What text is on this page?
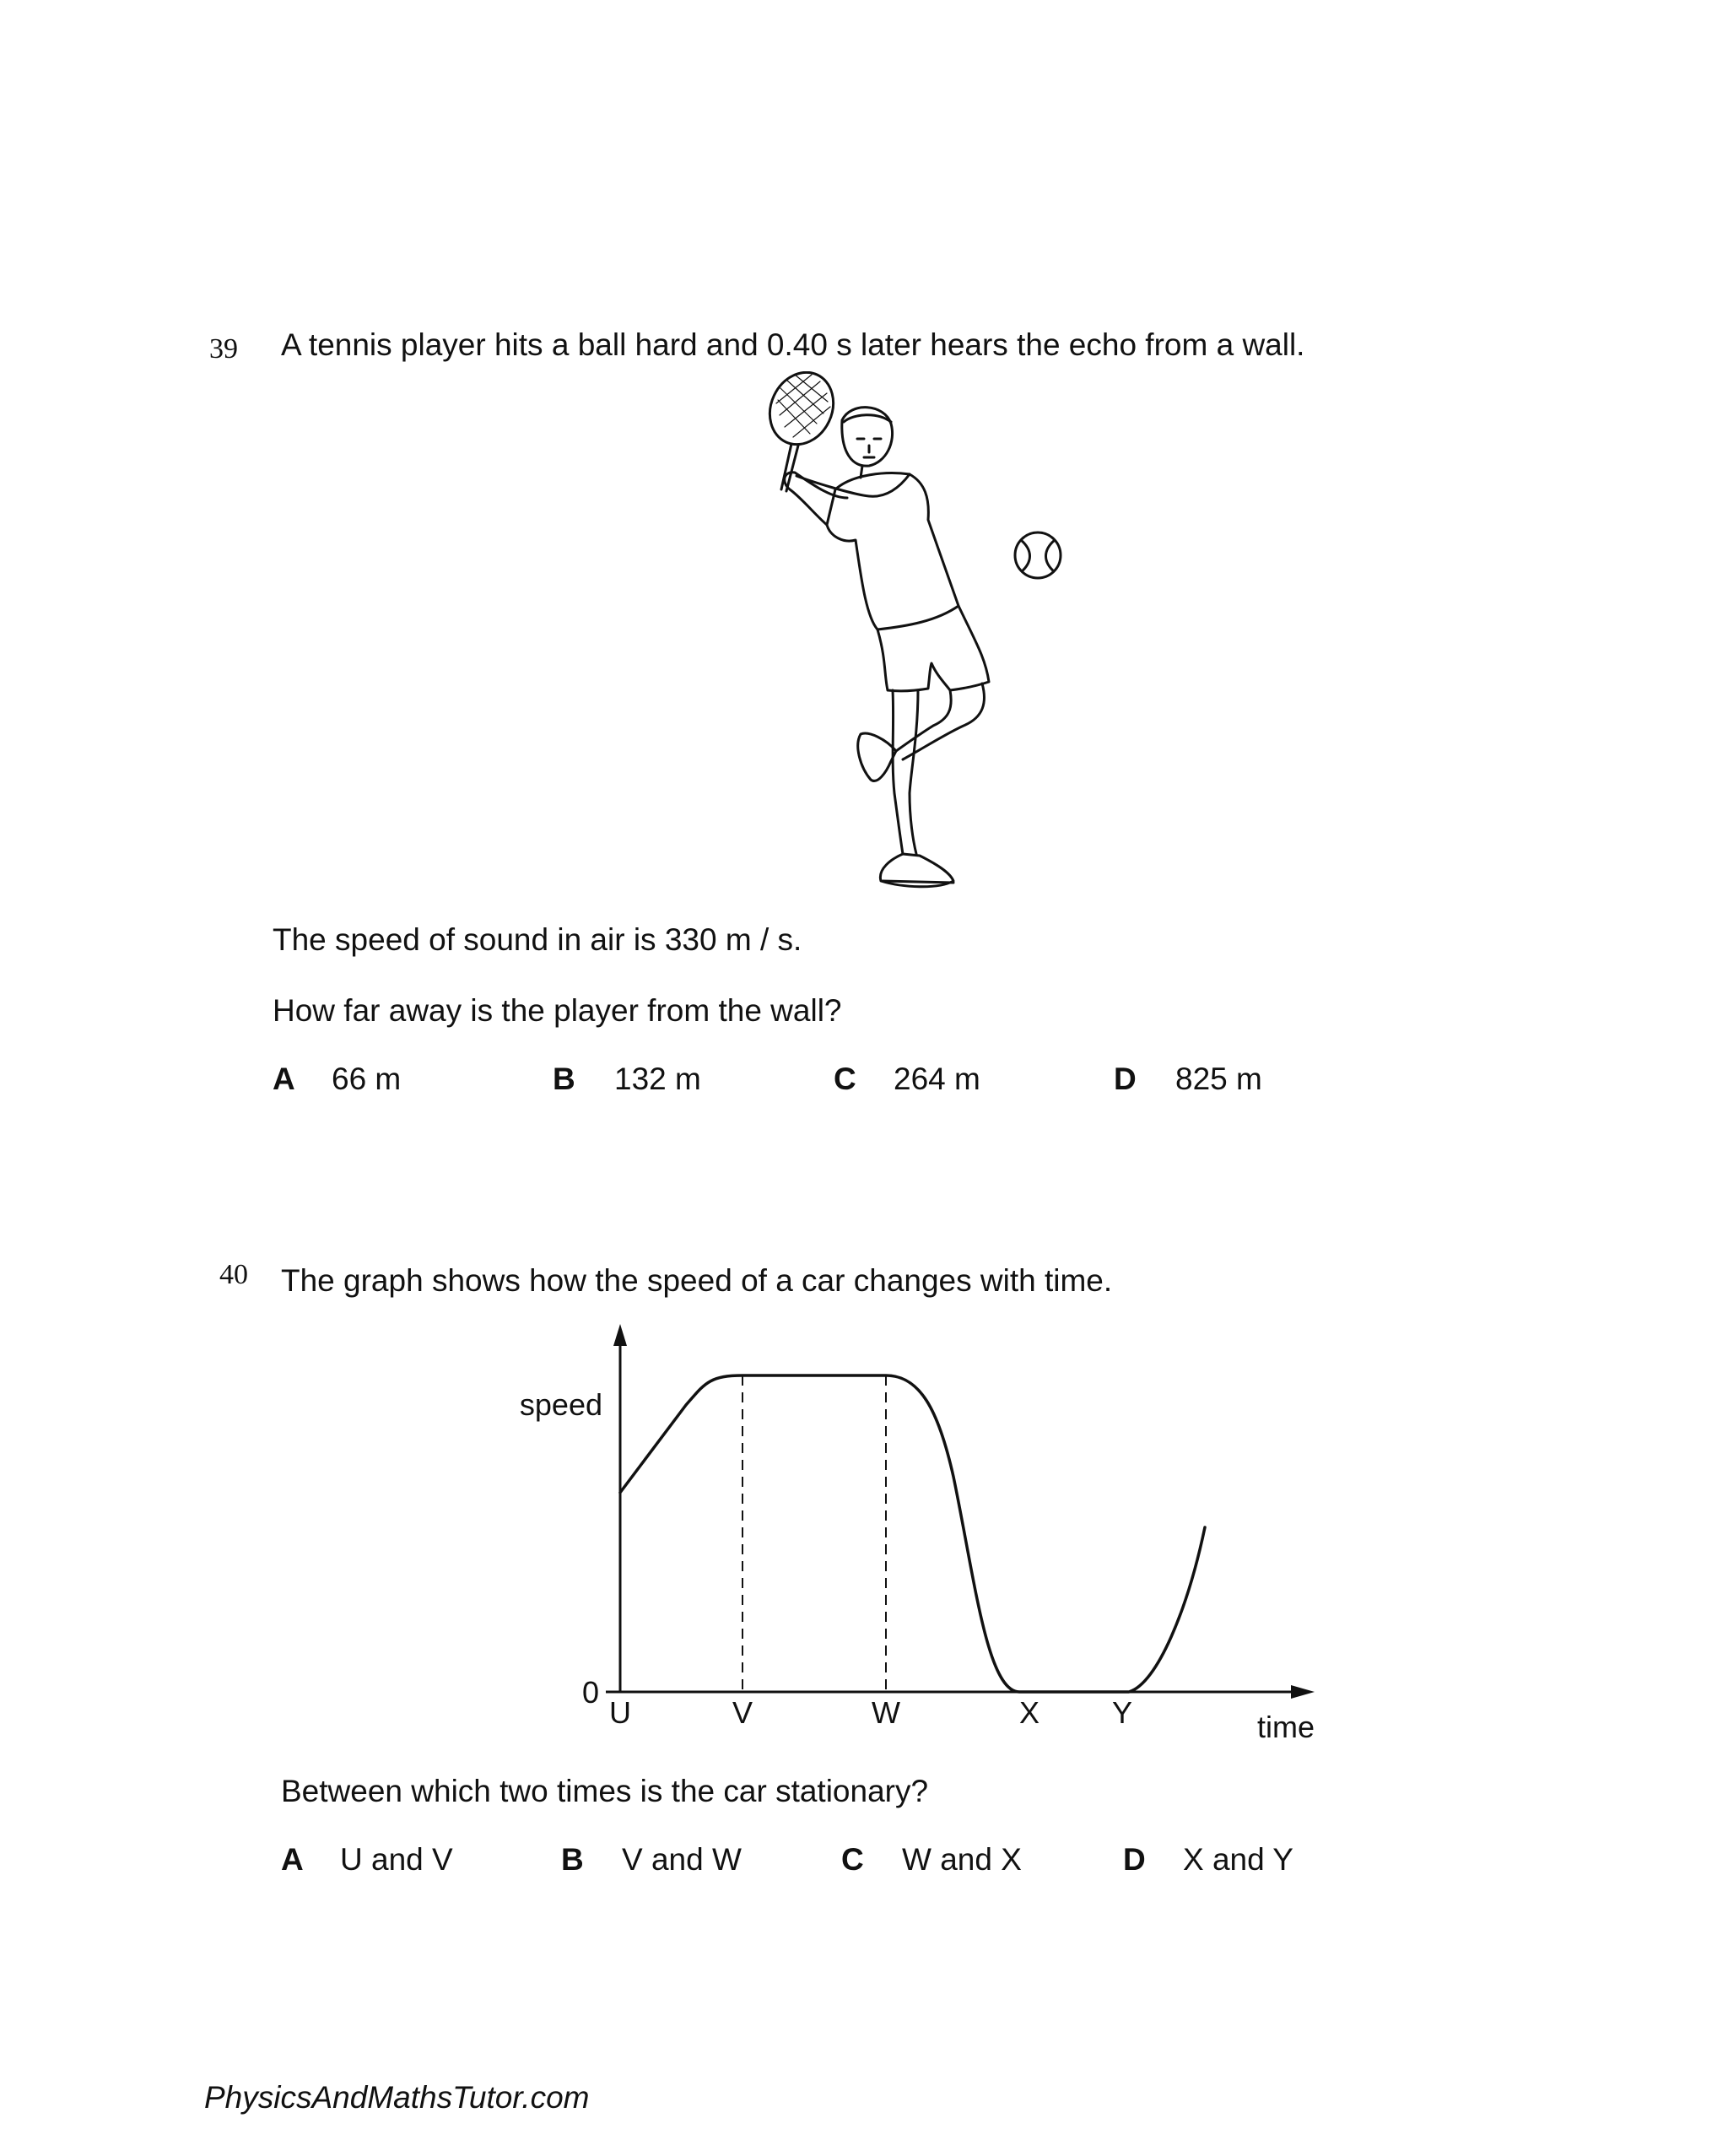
39 A tennis player hits a ball hard and 0.40 s later hears the echo from a wall.
The speed of sound in air is 330 m / s.
How far away is the player from the wall?
A 66 m	B 132 m	C 264 m	D 825 m
40 The graph shows how the speed of a car changes with time.
speed
0
time
U	V	W	X Y
Between which two times is the car stationary?
A U and V	B V and W	C W and X	D X and Y
PhysicsAndMathsTutor.com
